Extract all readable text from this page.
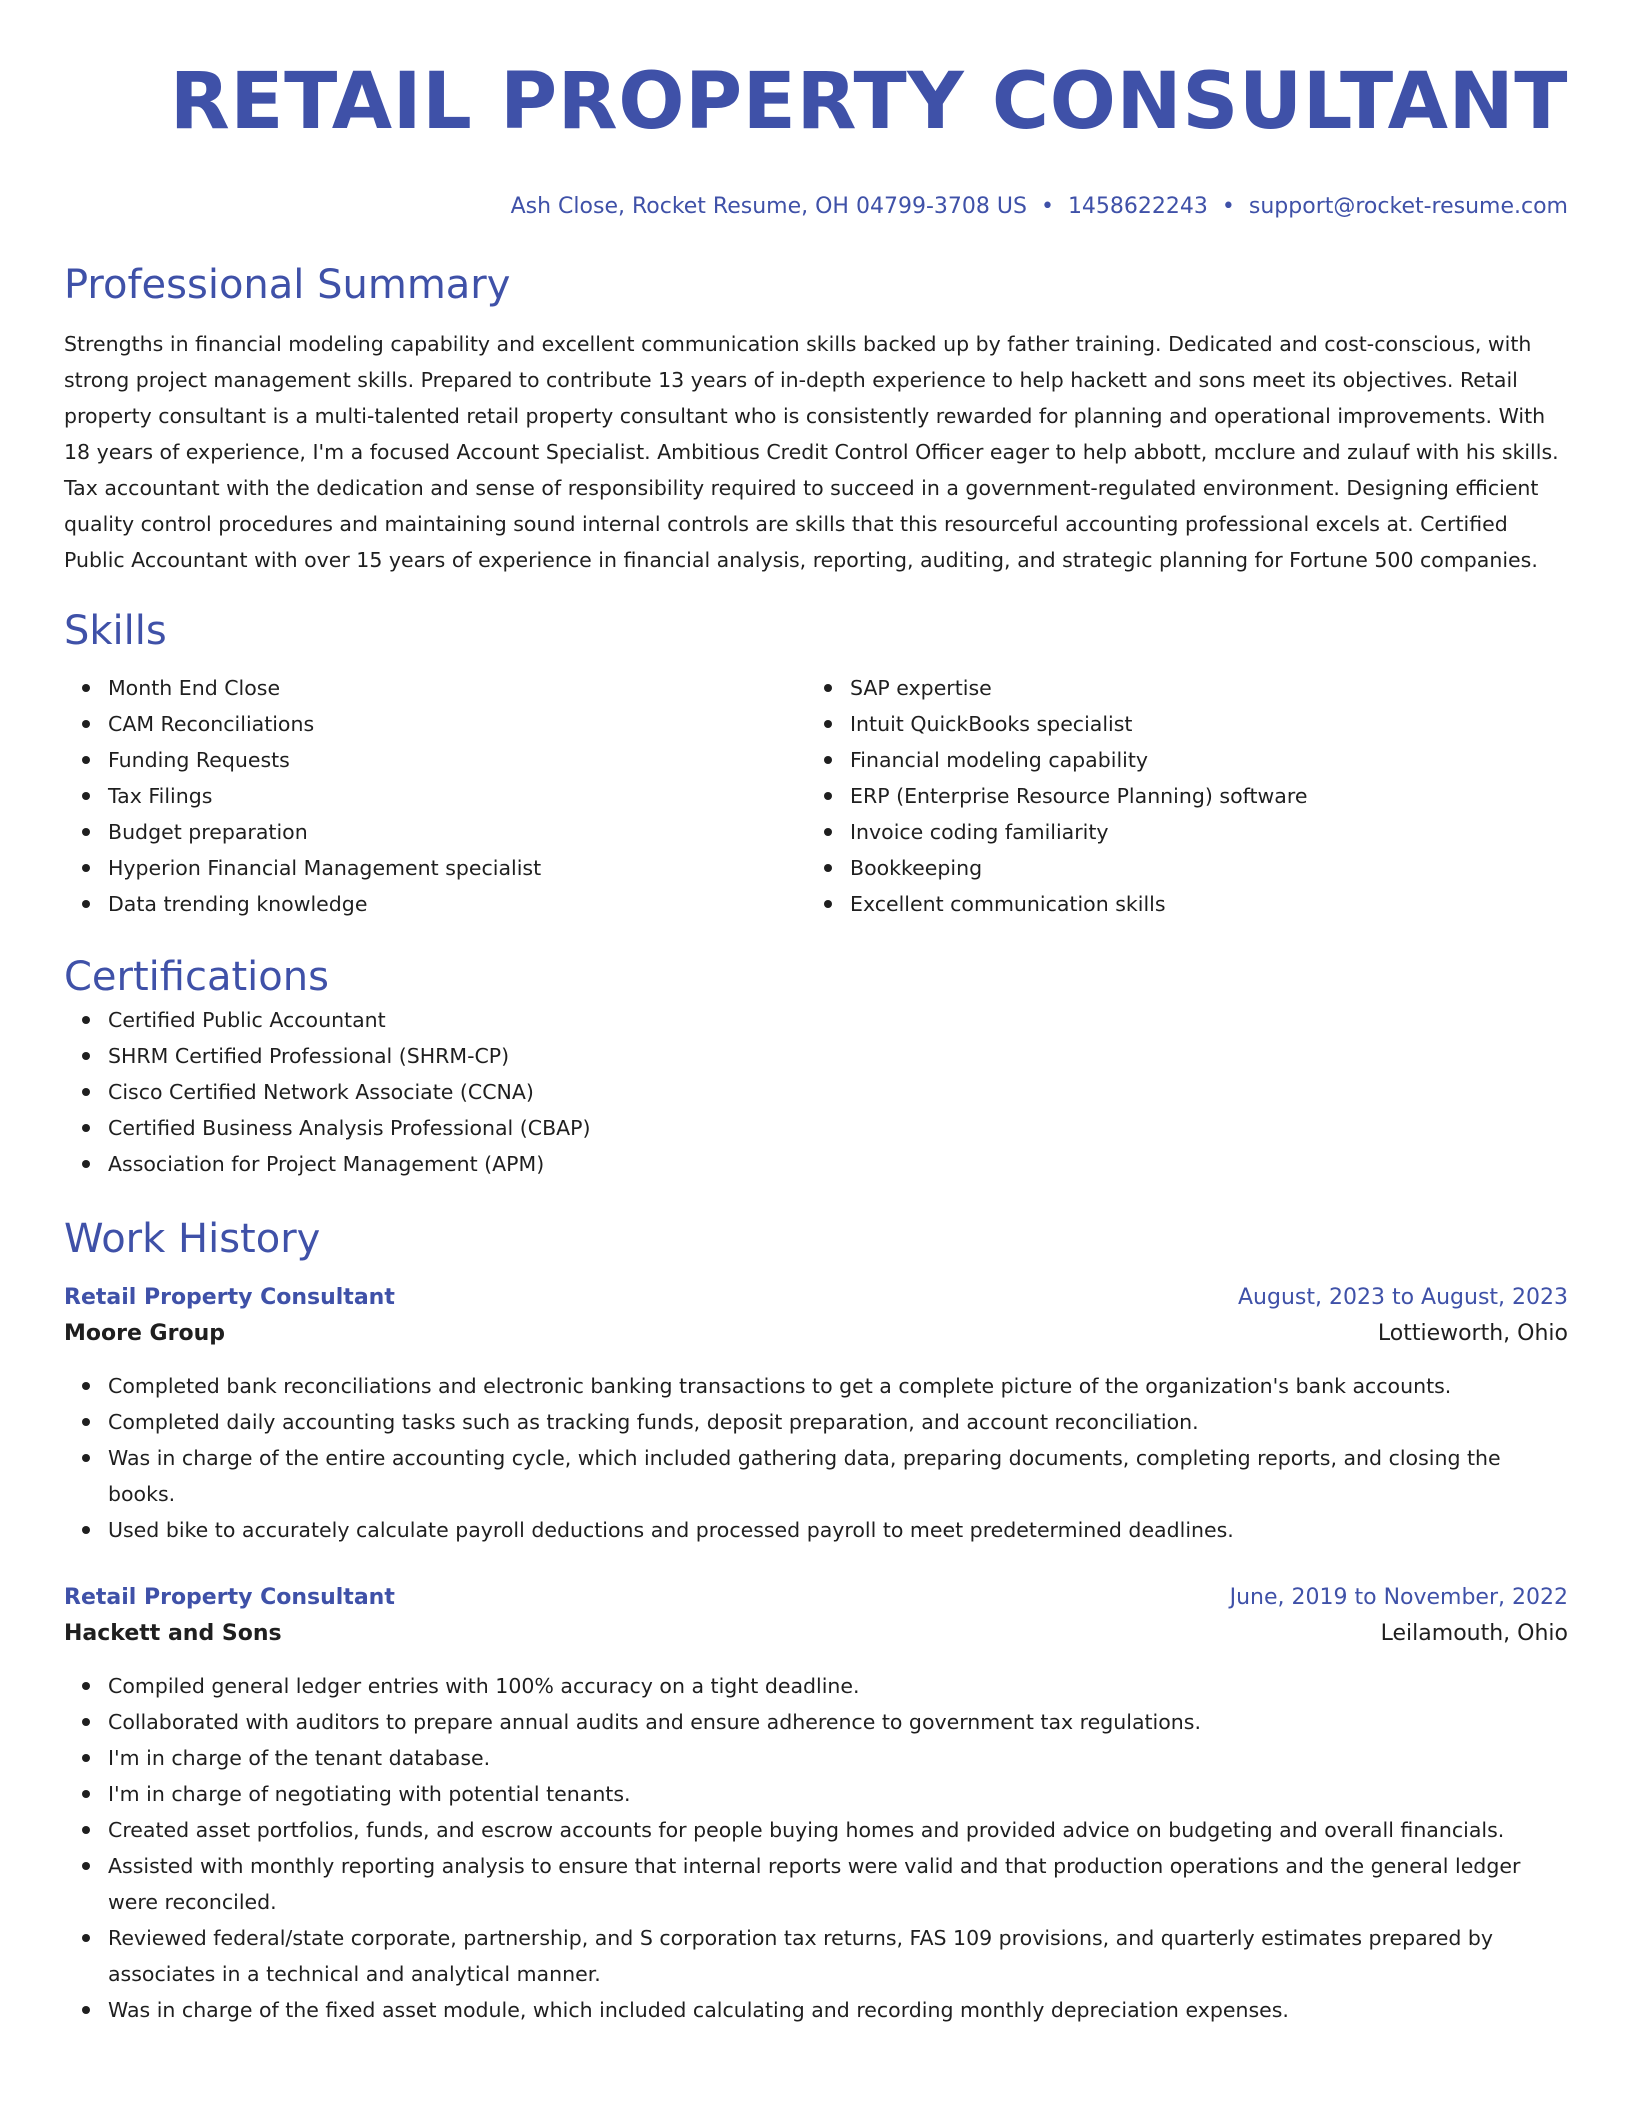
RETAIL PROPERTY CONSULTANT
Ash Close, Rocket Resume, OH 04799-3708 US • 1458622243 • support@rocket-resume.com
Professional Summary
Strengths in financial modeling capability and excellent communication skills backed up by father training. Dedicated and cost-conscious, with strong project management skills. Prepared to contribute 13 years of in-depth experience to help hackett and sons meet its objectives. Retail property consultant is a multi-talented retail property consultant who is consistently rewarded for planning and operational improvements. With 18 years of experience, I'm a focused Account Specialist. Ambitious Credit Control Officer eager to help abbott, mcclure and zulauf with his skills. Tax accountant with the dedication and sense of responsibility required to succeed in a government-regulated environment. Designing efficient quality control procedures and maintaining sound internal controls are skills that this resourceful accounting professional excels at. Certified Public Accountant with over 15 years of experience in financial analysis, reporting, auditing, and strategic planning for Fortune 500 companies.
Skills
Month End Close
CAM Reconciliations
Funding Requests
Tax Filings
Budget preparation
Hyperion Financial Management specialist
Data trending knowledge
SAP expertise
Intuit QuickBooks specialist
Financial modeling capability
ERP (Enterprise Resource Planning) software
Invoice coding familiarity
Bookkeeping
Excellent communication skills
Certifications
Certified Public Accountant
SHRM Certified Professional (SHRM-CP)
Cisco Certified Network Associate (CCNA)
Certified Business Analysis Professional (CBAP)
Association for Project Management (APM)
Work History
Retail Property Consultant	August, 2023 to August, 2023
Moore Group	Lottieworth, Ohio
Completed bank reconciliations and electronic banking transactions to get a complete picture of the organization's bank accounts.
Completed daily accounting tasks such as tracking funds, deposit preparation, and account reconciliation.
Was in charge of the entire accounting cycle, which included gathering data, preparing documents, completing reports, and closing the books.
Used bike to accurately calculate payroll deductions and processed payroll to meet predetermined deadlines.
Retail Property Consultant	June, 2019 to November, 2022
Hackett and Sons	Leilamouth, Ohio
Compiled general ledger entries with 100% accuracy on a tight deadline.
Collaborated with auditors to prepare annual audits and ensure adherence to government tax regulations.
I'm in charge of the tenant database.
I'm in charge of negotiating with potential tenants.
Created asset portfolios, funds, and escrow accounts for people buying homes and provided advice on budgeting and overall financials.
Assisted with monthly reporting analysis to ensure that internal reports were valid and that production operations and the general ledger were reconciled.
Reviewed federal/state corporate, partnership, and S corporation tax returns, FAS 109 provisions, and quarterly estimates prepared by associates in a technical and analytical manner.
Was in charge of the fixed asset module, which included calculating and recording monthly depreciation expenses.
